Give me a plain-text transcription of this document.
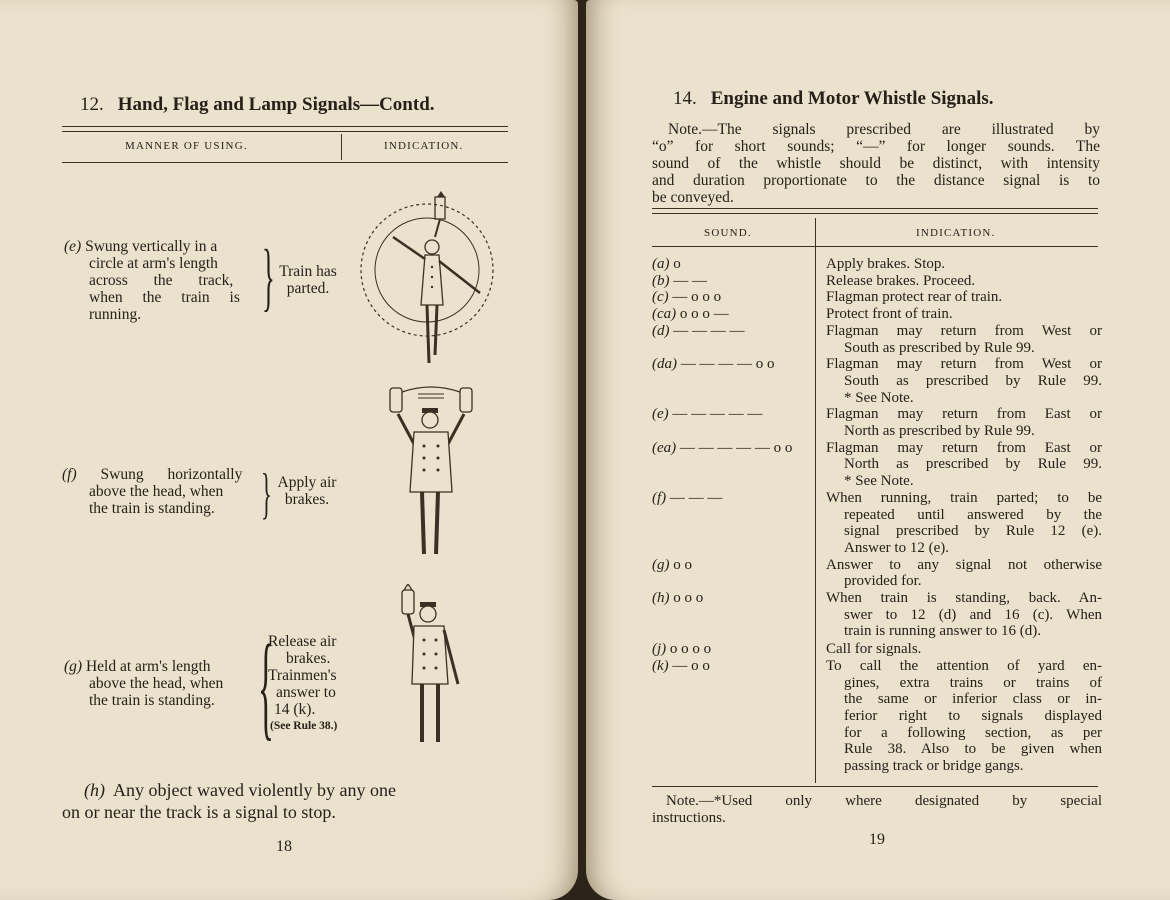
12. Hand, Flag and Lamp Signals—Contd.
MANNER OF USING.	INDICATION.
(e) Swung vertically in a
circle at arm's length
across the track,
when the train is
running.	} Train has
parted.
(f) Swung horizontally
above the head, when
the train is standing. } Apply air
brakes.
(g) Held at arm's length
above the head, when
the train is standing. {
Release air
brakes.
Trainmen's
answer to
14 (k).
(See Rule 38.)
(h) Any object waved violently by any one
on or near the track is a signal to stop.
18
14. Engine and Motor Whistle Signals.
Note.—The signals prescribed are illustrated by
“o” for short sounds; “—” for longer sounds. The
sound of the whistle should be distinct, with intensity
and duration proportionate to the distance signal is to
be conveyed.
SOUND.	INDICATION.
(a) o	Apply brakes. Stop.
(b) — —	Release brakes. Proceed.
(c) — o o o	Flagman protect rear of train.
(ca) o o o —	Protect front of train.
(d) — — — —	Flagman may return from West or
South as prescribed by Rule 99.
(da) — — — — o o	Flagman may return from West or
South as prescribed by Rule 99.
* See Note.
(e) — — — — —	Flagman may return from East or
North as prescribed by Rule 99.
(ea) — — — — — o o	Flagman may return from East or
North as prescribed by Rule 99.
* See Note.
(f) — — —	When running, train parted; to be
repeated until answered by the
signal prescribed by Rule 12 (e).
Answer to 12 (e).
(g) o o	Answer to any signal not otherwise
provided for.
(h) o o o	When train is standing, back. An-
swer to 12 (d) and 16 (c). When
train is running answer to 16 (d).
(j) o o o o	Call for signals.
(k) — o o	To call the attention of yard en-
gines, extra trains or trains of
the same or inferior class or in-
ferior right to signals displayed
for a following section, as per
Rule 38. Also to be given when
passing track or bridge gangs.
Note.—*Used only where designated by special
instructions.
19
